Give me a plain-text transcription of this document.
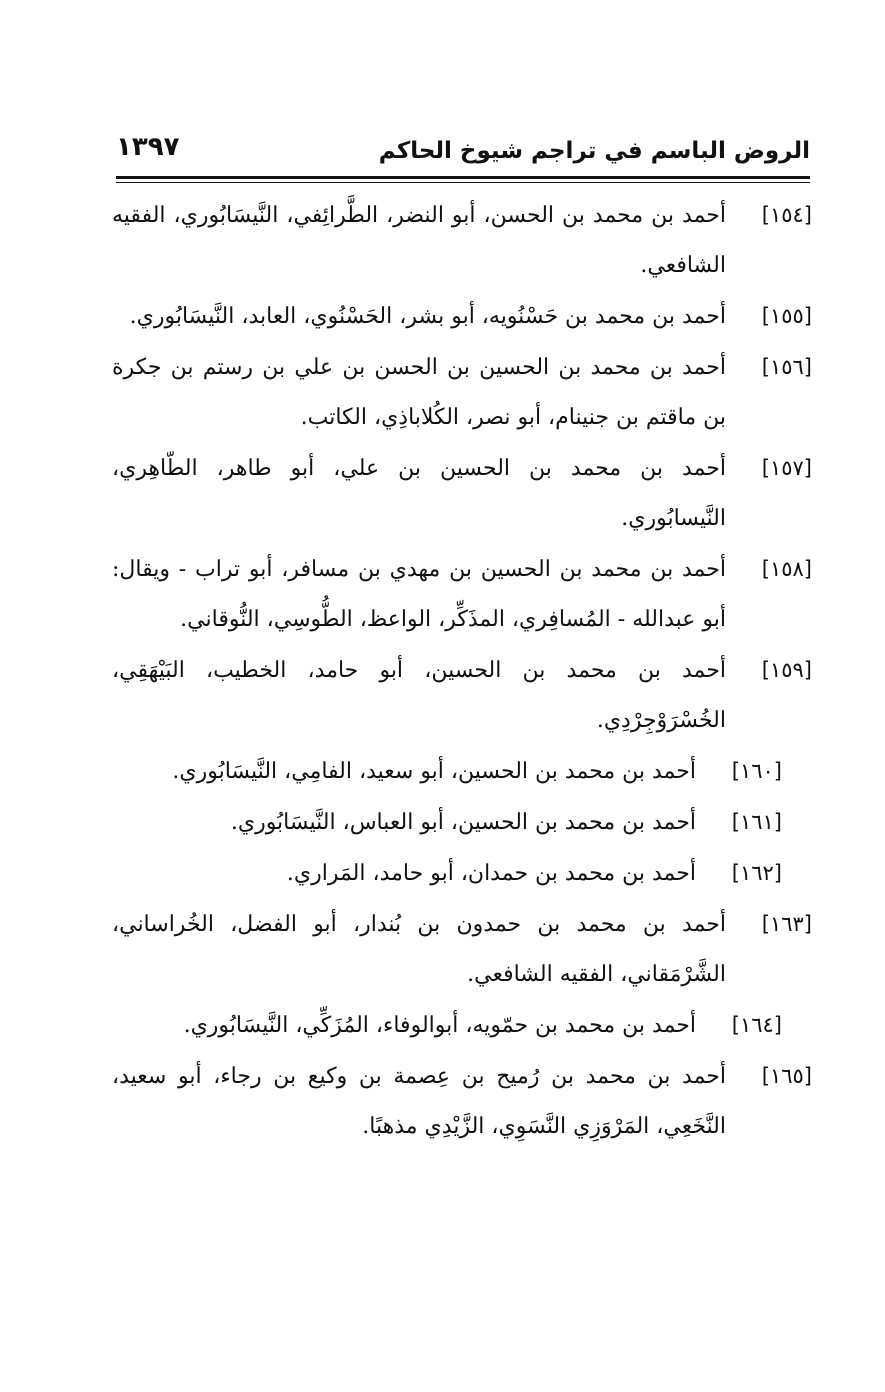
الروض الباسم في تراجم شيوخ الحاكم
١٣٩٧

[١٥٤]أحمد بن محمد بن الحسن، أبو النضر، الطَّرائِفي، النَّيسَابُوري، الفقيه الشافعي.

[١٥٥]أحمد بن محمد بن حَسْنُويه، أبو بشر، الحَسْنُوي، العابد، النَّيسَابُوري.

[١٥٦]أحمد بن محمد بن الحسين بن الحسن بن علي بن رستم بن جكرة بن ماقتم بن جنينام، أبو نصر، الكُلاباذِي، الكاتب.

[١٥٧]أحمد بن محمد بن الحسين بن علي، أبو طاهر، الطّاهِري، النَّيسابُوري.

[١٥٨]أحمد بن محمد بن الحسين بن مهدي بن مسافر، أبو تراب - ويقال: أبو عبدالله - المُسافِري، المذَكِّر، الواعظ، الطُّوسِي، النُّوقاني.

[١٥٩]أحمد بن محمد بن الحسين، أبو حامد، الخطيب، البَيْهَقِي، الخُسْرَوْجِرْدِي.

[١٦٠]أحمد بن محمد بن الحسين، أبو سعيد، الفامِي، النَّيسَابُوري.

[١٦١]أحمد بن محمد بن الحسين، أبو العباس، النَّيسَابُوري.

[١٦٢]أحمد بن محمد بن حمدان، أبو حامد، المَراري.

[١٦٣]أحمد بن محمد بن حمدون بن بُندار، أبو الفضل، الخُراساني، الشَّرْمَقاني، الفقيه الشافعي.

[١٦٤]أحمد بن محمد بن حمّويه، أبوالوفاء، المُزَكِّي، النَّيسَابُوري.

[١٦٥]أحمد بن محمد بن رُميح بن عِصمة بن وكيع بن رجاء، أبو سعيد، النَّخَعِي، المَرْوَزِي النَّسَوِي، الزَّيْدِي مذهبًا.
